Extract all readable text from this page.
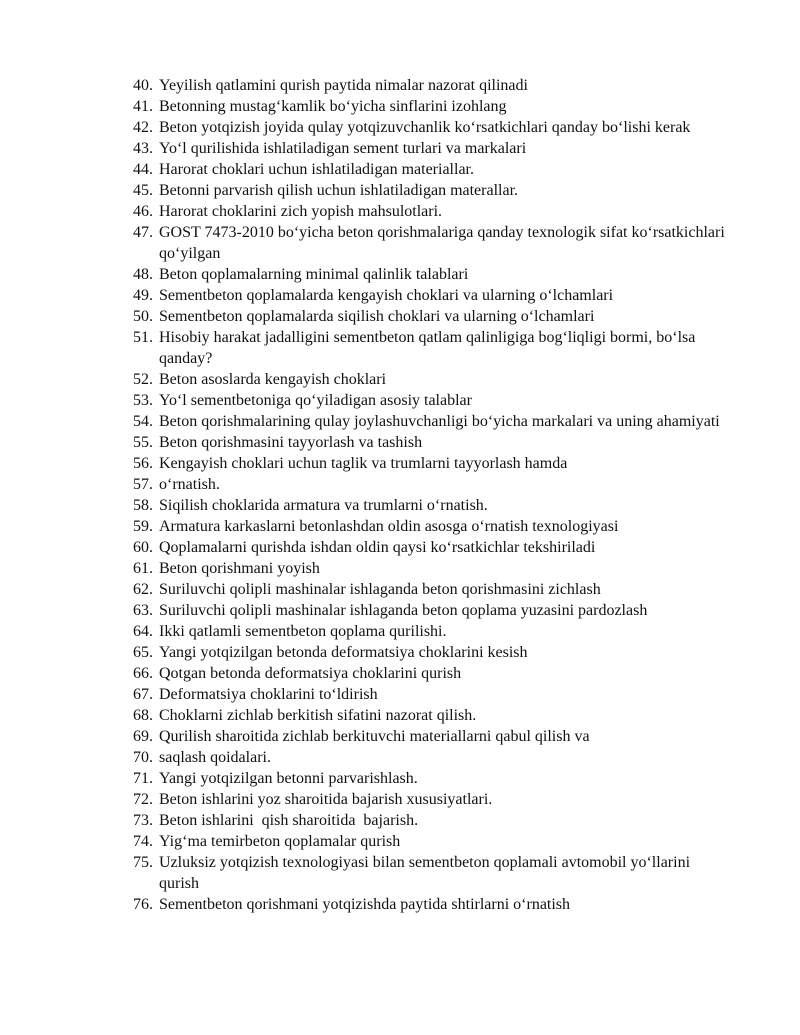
40. Yeyilish qatlamini qurish paytida nimalar nazorat qilinadi
41. Betonning mustagʻkamlik boʻyicha sinflarini izohlang
42. Beton yotqizish joyida qulay yotqizuvchanlik koʻrsatkichlari qanday boʻlishi kerak
43. Yoʻl qurilishida ishlatiladigan sement turlari va markalari
44. Harorat choklari uchun ishlatiladigan materiallar.
45. Betonni parvarish qilish uchun ishlatiladigan materallar.
46. Harorat choklarini zich yopish mahsulotlari.
47. GOST 7473-2010 boʻyicha beton qorishmalariga qanday texnologik sifat koʻrsatkichlari qoʻyilgan
48. Beton qoplamalarning minimal qalinlik talablari
49. Sementbeton qoplamalarda kengayish choklari va ularning oʻlchamlari
50. Sementbeton qoplamalarda siqilish choklari va ularning oʻlchamlari
51. Hisobiy harakat jadalligini sementbeton qatlam qalinligiga bogʻliqligi bormi, boʻlsa qanday?
52. Beton asoslarda kengayish choklari
53. Yoʻl sementbetoniga qoʻyiladigan asosiy talablar
54. Beton qorishmalarining qulay joylashuvchanligi boʻyicha markalari va uning ahamiyati
55. Beton qorishmasini tayyorlash va tashish
56. Kengayish choklari uchun taglik va trumlarni tayyorlash hamda
57. oʻrnatish.
58. Siqilish choklarida armatura va trumlarni oʻrnatish.
59. Armatura karkaslarni betonlashdan oldin asosga oʻrnatish texnologiyasi
60. Qoplamalarni qurishda ishdan oldin qaysi koʻrsatkichlar tekshiriladi
61. Beton qorishmani yoyish
62. Suriluvchi qolipli mashinalar ishlaganda beton qorishmasini zichlash
63. Suriluvchi qolipli mashinalar ishlaganda beton qoplama yuzasini pardozlash
64. Ikki qatlamli sementbeton qoplama qurilishi.
65. Yangi yotqizilgan betonda deformatsiya choklarini kesish
66. Qotgan betonda deformatsiya choklarini qurish
67. Deformatsiya choklarini toʻldirish
68. Choklarni zichlab berkitish sifatini nazorat qilish.
69. Qurilish sharoitida zichlab berkituvchi materiallarni qabul qilish va
70. saqlash qoidalari.
71. Yangi yotqizilgan betonni parvarishlash.
72. Beton ishlarini yoz sharoitida bajarish xususiyatlari.
73. Beton ishlarini  qish sharoitida  bajarish.
74. Yigʻma temirbeton qoplamalar qurish
75. Uzluksiz yotqizish texnologiyasi bilan sementbeton qoplamali avtomobil yoʻllarini qurish
76. Sementbeton qorishmani yotqizishda paytida shtirlarni oʻrnatish
